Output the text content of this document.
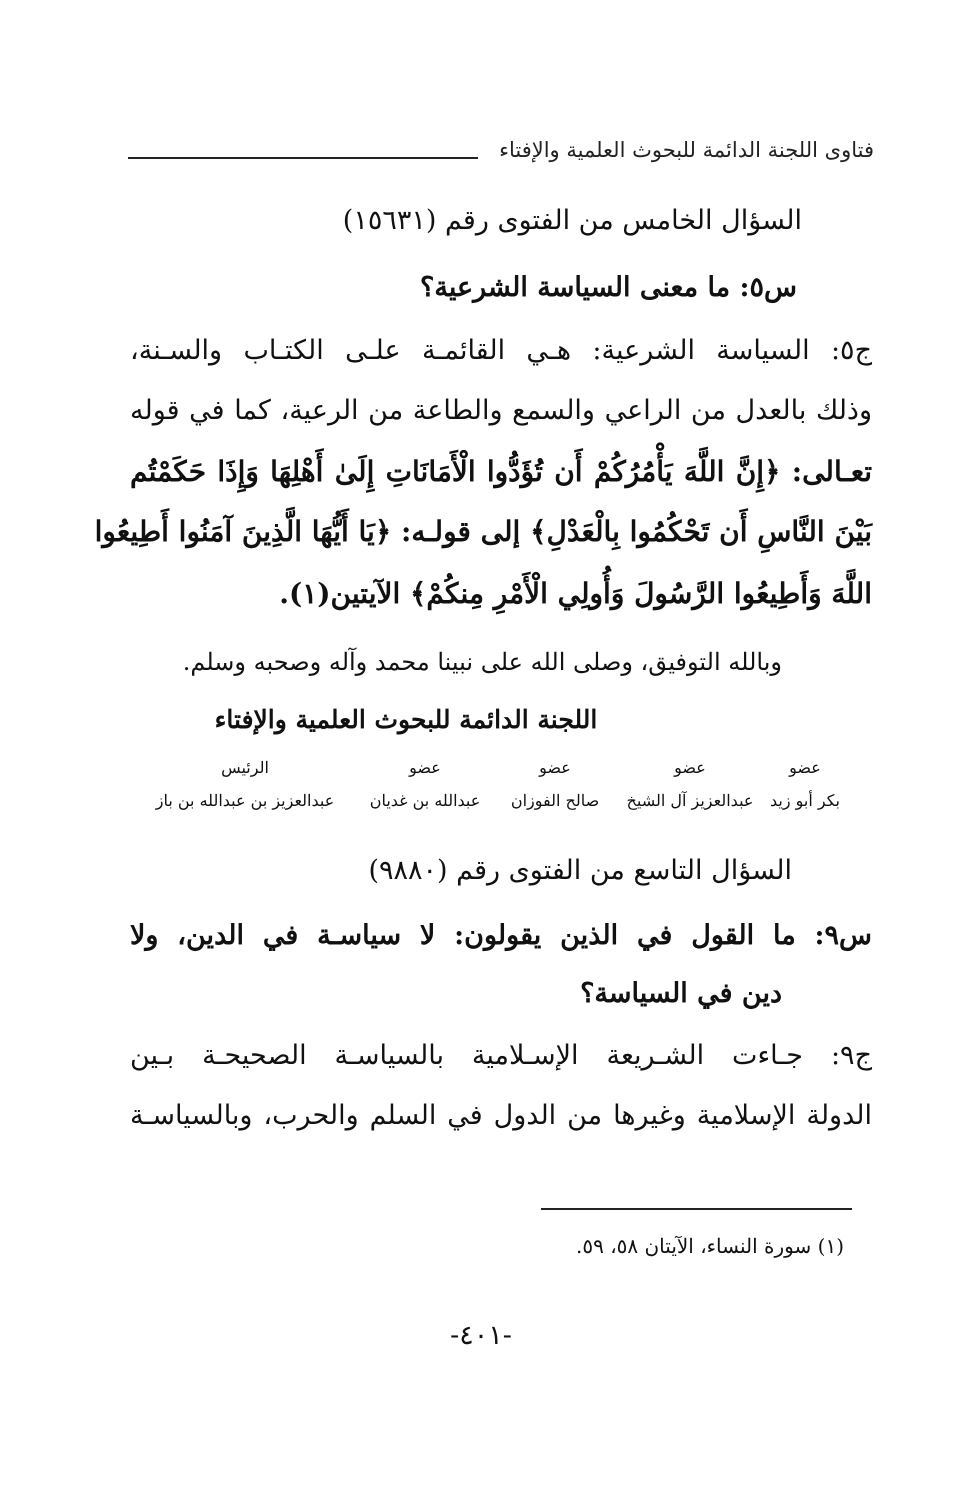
فتاوى اللجنة الدائمة للبحوث العلمية والإفتاء
السؤال الخامس من الفتوى رقم (١٥٦٣١)
س٥: ما معنى السياسة الشرعية؟
ج٥: السياسة الشرعية: هـي القائمـة علـى الكتـاب والسـنة،
وذلك بالعدل من الراعي والسمع والطاعة من الرعية، كما في قوله
تعـالى: ﴿إِنَّ اللَّهَ يَأْمُرُكُمْ أَن تُؤَدُّوا الْأَمَانَاتِ إِلَىٰ أَهْلِهَا وَإِذَا حَكَمْتُم
بَيْنَ النَّاسِ أَن تَحْكُمُوا بِالْعَدْلِ﴾ إلى قولـه: ﴿يَا أَيُّهَا الَّذِينَ آمَنُوا أَطِيعُوا
اللَّهَ وَأَطِيعُوا الرَّسُولَ وَأُولِي الْأَمْرِ مِنكُمْ﴾ الآيتين(١).
وبالله التوفيق، وصلى الله على نبينا محمد وآله وصحبه وسلم.
اللجنة الدائمة للبحوث العلمية والإفتاء
عضو
بكر أبو زيد
عضو
عبدالعزيز آل الشيخ
عضو
صالح الفوزان
عضو
عبدالله بن غديان
الرئيس
عبدالعزيز بن عبدالله بن باز
السؤال التاسع من الفتوى رقم (٩٨٨٠)
س٩: ما القول في الذين يقولون: لا سياسـة في الدين، ولا
دين في السياسة؟
ج٩: جـاءت الشـريعة الإسـلامية بالسياسـة الصحيحـة بـين
الدولة الإسلامية وغيرها من الدول في السلم والحرب، وبالسياسـة
(١) سورة النساء، الآيتان ٥٨، ٥٩.
-٤٠١-
